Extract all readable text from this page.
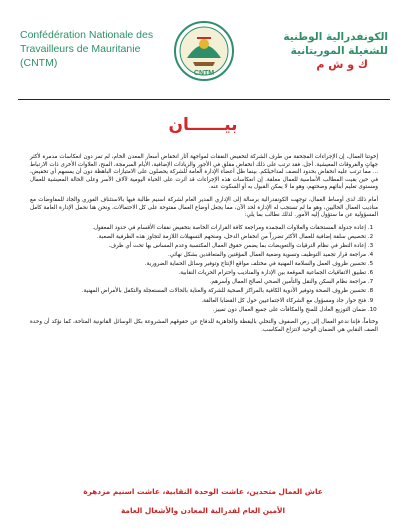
Confédération Nationale des
Travailleurs de Mauritanie
(CNTM)
CNTM
الكونفدرالية الوطنية
للشغيلة الموريتانية
ك و ش م
بيــــــان

إخوتنا العمال، إن الإجراءات المجحفة من طرف الشركة لتخفيض النفقات لمواجهة آثار انخفاض أسعار المعدن الخام، لم تمر دون انعكاسات مدمرة لأكثر جهاتٍ والفروقات المعيشية. أجل، فقد ترتب على ذلك انخفاض مقلق في الأجور والزيادات الإضافية، الأيام المبرمجة، المنح، العلاوات الأخرى ذات الارتباط ... مما ترتب عليه انخفاض بحدود النصف لمداخيلكم. بينما ظل أعضاء الإدارة العامة للشركة يحصلون على الامتيازات الباهظة دون أن يمسهم أي تخفيض، في حين بقيت المطالب الأساسية للعمال معلقة. إن انعكاسات هذه الإجراءات قد أثرت على الحياة اليومية لآلاف الأسر وعلى الحالة المعيشية للعمال ومستوى تعليم أبنائهم وصحتهم، وهو ما لا يمكن القبول به أو السكوت عنه.

أمام ذلك لدى أوساط العمال، توجهت الكونفدرالية برسالة إلى الإداري المدير العام لشركة اسنيم طالبة فيها بالاستئناف الفوري والجاد للمفاوضات مع مناديب العمال الحاليين، وهو ما لم تستجب له الإدارة لحد الآن، مما يجعل أوضاع العمال مفتوحة على كل الاحتمالات، ونحن هنا نحمل الإدارة العامة كامل المسؤولية عن ما ستؤول إليه الأمور. لذلك نطالب بما يلي:

1. إعادة جدولة المستحقات والعلاوات المجمدة ومراجعة كافة القرارات الخاصة بتخفيض نفقات الأقسام في حدود المعقول.
2. تخصيص سلفة إضافية للعمال الأكثر تضرراً من انخفاض الدخل، ومنحهم التسهيلات اللازمة لتجاوز هذه الظرفية الصعبة.
3. إعادة النظر في نظام الترقيات والتعويضات بما يضمن حقوق العمال المكتسبة وعدم المساس بها تحت أي ظرف.
4. مراجعة قرار تجميد التوظيف وتسوية وضعية العمال المؤقتين والمتعاقدين بشكل نهائي.
5. تحسين ظروف العمل والسلامة المهنية في مختلف مواقع الإنتاج وتوفير وسائل الحماية الضرورية.
6. تطبيق الاتفاقيات الجماعية الموقعة بين الإدارة والمناديب واحترام الحريات النقابية.
7. مراجعة نظام السكن والنقل والتأمين الصحي لصالح العمال وأسرهم.
8. تحسين ظروف الصحة وتوفير الأدوية الكافية بالمراكز الصحية للشركة والعناية بالحالات المستعجلة والتكفل بالأمراض المهنية.
9. فتح حوار جاد ومسؤول مع الشركاء الاجتماعيين حول كل القضايا العالقة.
10. ضمان التوزيع العادل للمنح والمكافآت على جميع العمال دون تمييز.

وختاماً، فإننا ندعو العمال إلى رص الصفوف والتحلي باليقظة والجاهزية للدفاع عن حقوقهم المشروعة بكل الوسائل القانونية المتاحة، كما نؤكد أن وحدة الصف النقابي هي الضمان الوحيد لانتزاع المكاسب.

عاش العمال متحدين، عاشت الوحدة النقابية، عاشت اسنيم مزدهرة
الأمين العام لفدرالية المعادن والأشغال العامة
